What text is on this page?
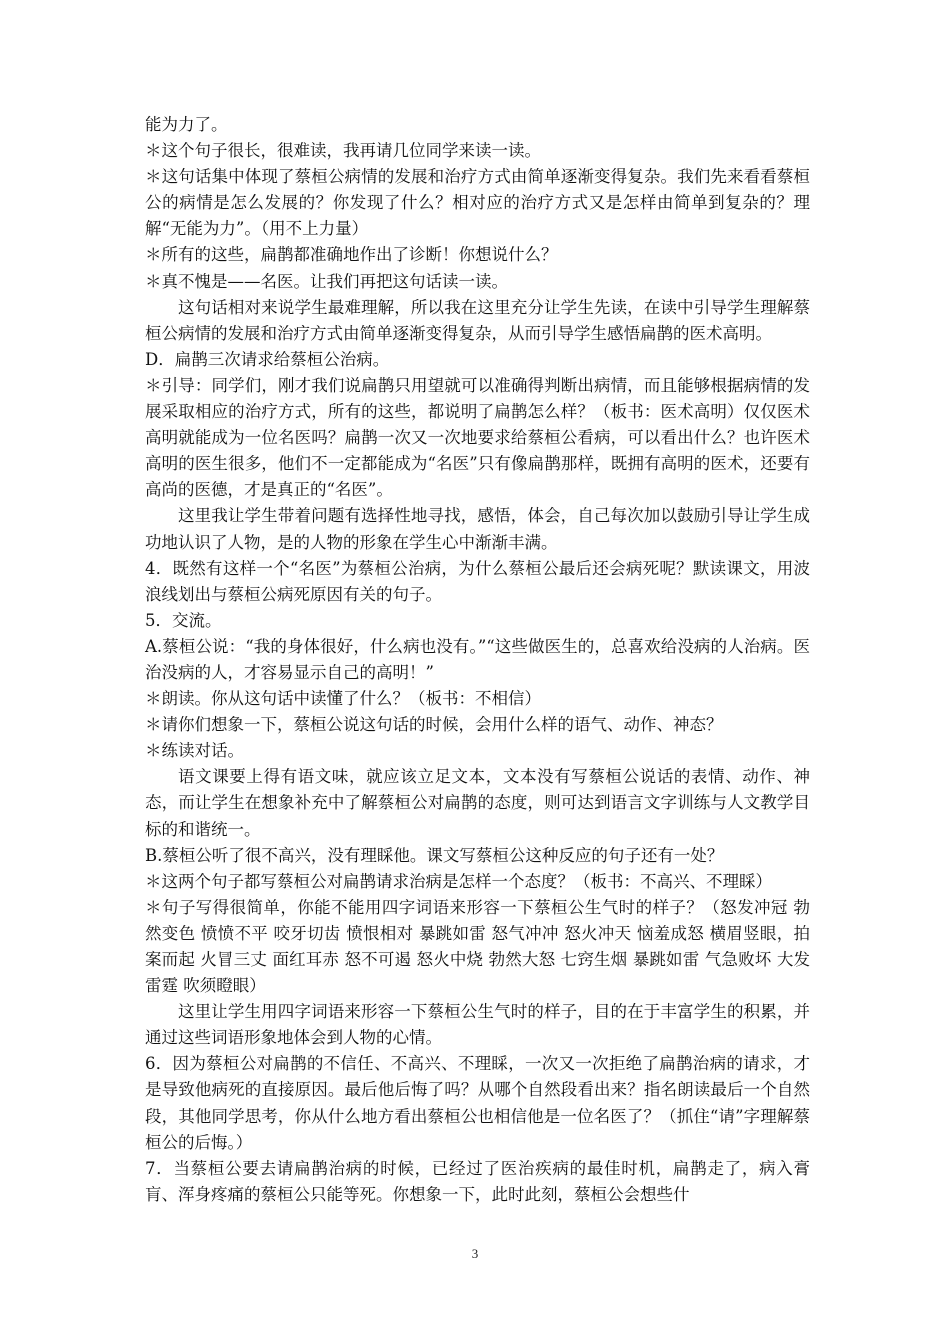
能为力了。

＊这个句子很长，很难读，我再请几位同学来读一读。

＊这句话集中体现了蔡桓公病情的发展和治疗方式由简单逐渐变得复杂。我们先来看看蔡桓公的病情是怎么发展的？你发现了什么？相对应的治疗方式又是怎样由简单到复杂的？理解“无能为力”。（用不上力量）

＊所有的这些，扁鹊都准确地作出了诊断！你想说什么？

＊真不愧是——名医。让我们再把这句话读一读。

这句话相对来说学生最难理解，所以我在这里充分让学生先读，在读中引导学生理解蔡桓公病情的发展和治疗方式由简单逐渐变得复杂，从而引导学生感悟扁鹊的医术高明。

D．扁鹊三次请求给蔡桓公治病。

＊引导：同学们，刚才我们说扁鹊只用望就可以准确得判断出病情，而且能够根据病情的发展采取相应的治疗方式，所有的这些，都说明了扁鹊怎么样？（板书：医术高明）仅仅医术高明就能成为一位名医吗？扁鹊一次又一次地要求给蔡桓公看病，可以看出什么？也许医术高明的医生很多，他们不一定都能成为“名医”只有像扁鹊那样，既拥有高明的医术，还要有高尚的医德，才是真正的“名医”。

这里我让学生带着问题有选择性地寻找，感悟，体会，自己每次加以鼓励引导让学生成功地认识了人物，是的人物的形象在学生心中渐渐丰满。

4．既然有这样一个“名医”为蔡桓公治病，为什么蔡桓公最后还会病死呢？默读课文，用波浪线划出与蔡桓公病死原因有关的句子。

5．交流。

A.蔡桓公说：“我的身体很好，什么病也没有。”“这些做医生的，总喜欢给没病的人治病。医治没病的人，才容易显示自己的高明！”

＊朗读。你从这句话中读懂了什么？（板书：不相信）

＊请你们想象一下，蔡桓公说这句话的时候，会用什么样的语气、动作、神态？

＊练读对话。

语文课要上得有语文味，就应该立足文本，文本没有写蔡桓公说话的表情、动作、神态，而让学生在想象补充中了解蔡桓公对扁鹊的态度，则可达到语言文字训练与人文教学目标的和谐统一。

B.蔡桓公听了很不高兴，没有理睬他。课文写蔡桓公这种反应的句子还有一处？

＊这两个句子都写蔡桓公对扁鹊请求治病是怎样一个态度？（板书：不高兴、不理睬）

＊句子写得很简单，你能不能用四字词语来形容一下蔡桓公生气时的样子？（怒发冲冠 勃然变色 愤愤不平 咬牙切齿 愤恨相对 暴跳如雷 怒气冲冲 怒火冲天 恼羞成怒 横眉竖眼，拍案而起 火冒三丈 面红耳赤 怒不可遏 怒火中烧 勃然大怒 七窍生烟 暴跳如雷 气急败坏 大发雷霆 吹须瞪眼）

这里让学生用四字词语来形容一下蔡桓公生气时的样子，目的在于丰富学生的积累，并通过这些词语形象地体会到人物的心情。

6．因为蔡桓公对扁鹊的不信任、不高兴、不理睬，一次又一次拒绝了扁鹊治病的请求，才是导致他病死的直接原因。最后他后悔了吗？从哪个自然段看出来？指名朗读最后一个自然段，其他同学思考，你从什么地方看出蔡桓公也相信他是一位名医了？（抓住“请”字理解蔡桓公的后悔。）

7．当蔡桓公要去请扁鹊治病的时候，已经过了医治疾病的最佳时机，扁鹊走了，病入膏肓、浑身疼痛的蔡桓公只能等死。你想象一下，此时此刻，蔡桓公会想些什

3
